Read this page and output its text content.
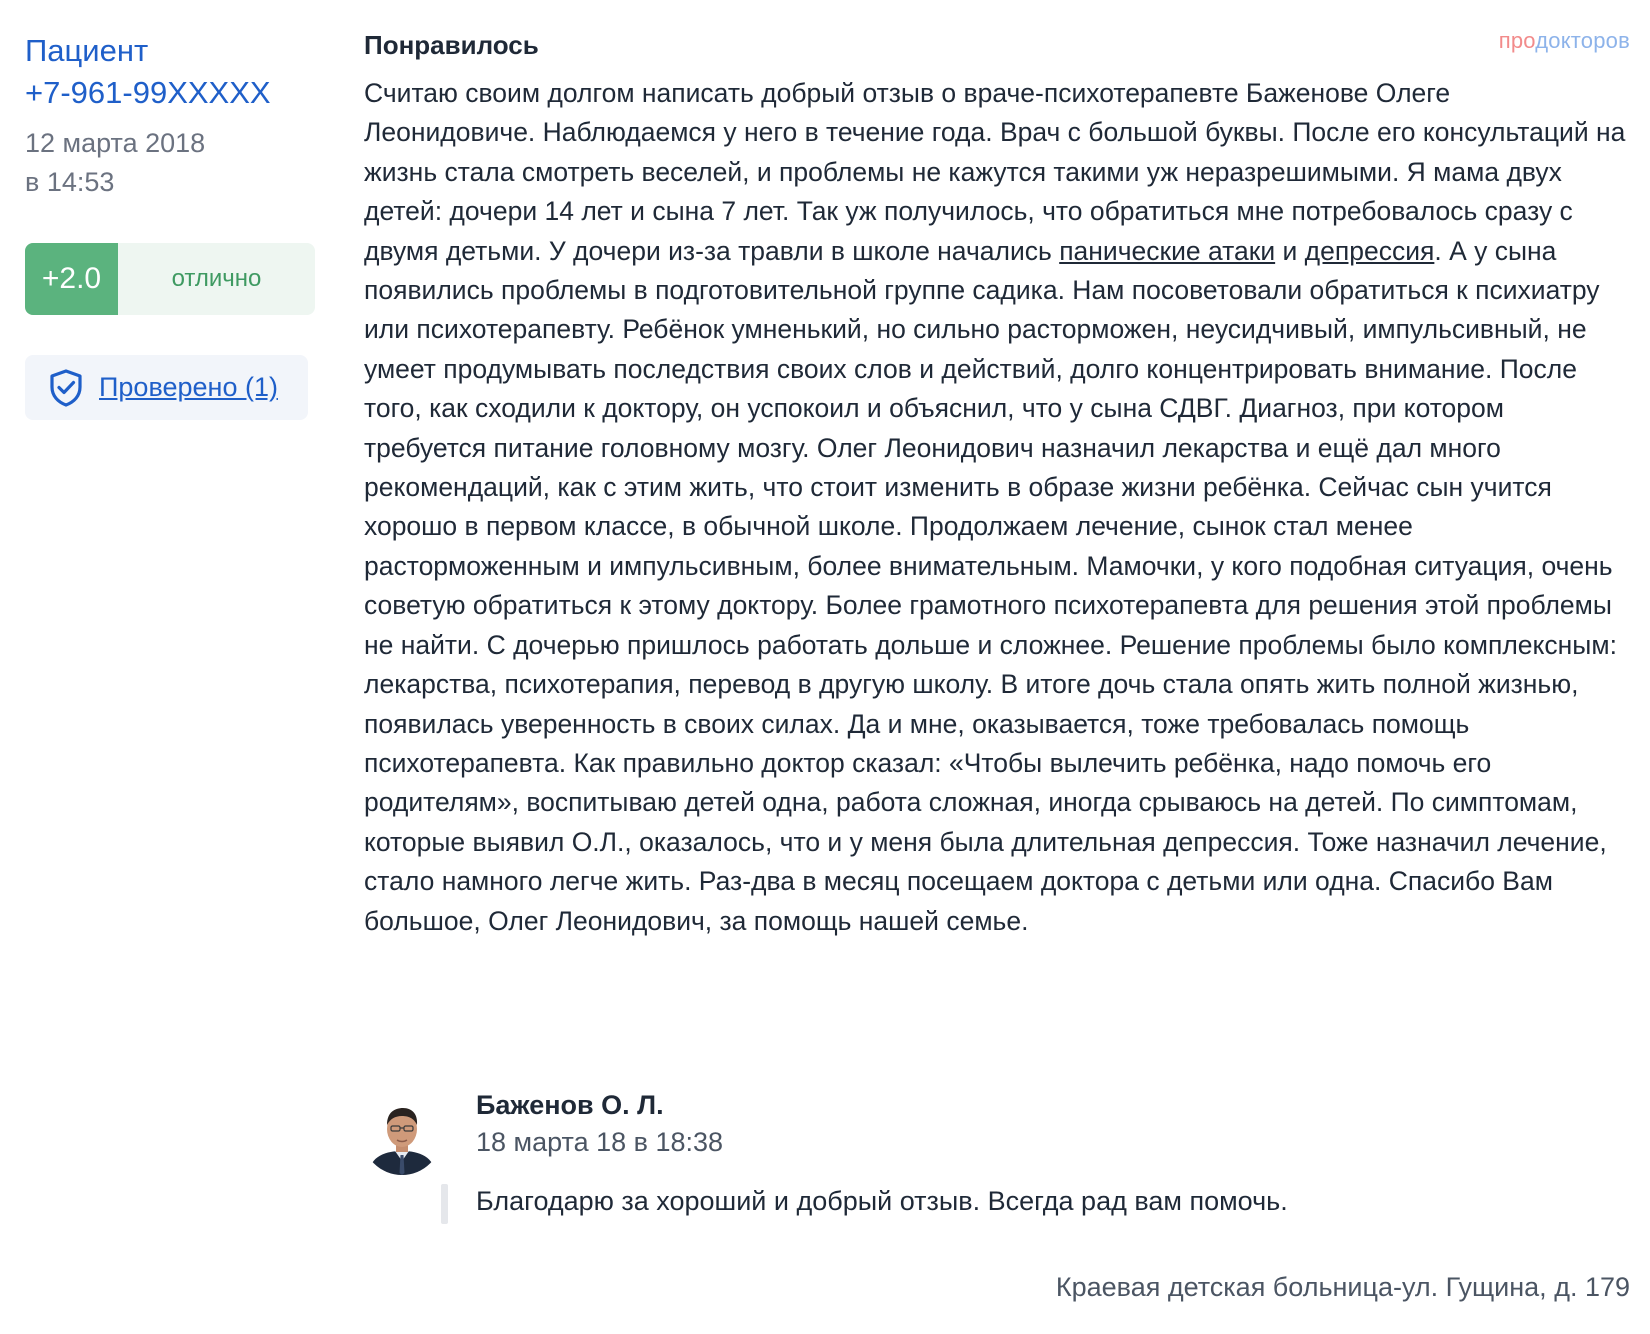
Пациент
+7-961-99XXXXX
12 марта 2018
в 14:53
+2.0	отлично
Проверено (1)
продокторов
Понравилось

Считаю своим долгом написать добрый отзыв о враче-психотерапевте Баженове Олеге Леонидовиче. Наблюдаемся у него в течение года. Врач с большой буквы. После его консультаций на жизнь стала смотреть веселей, и проблемы не кажутся такими уж неразрешимыми. Я мама двух детей: дочери 14 лет и сына 7 лет. Так уж получилось, что обратиться мне потребовалось сразу с двумя детьми. У дочери из-за травли в школе начались панические атаки и депрессия. А у сына появились проблемы в подготовительной группе садика. Нам посоветовали обратиться к психиатру или психотерапевту. Ребёнок умненький, но сильно расторможен, неусидчивый, импульсивный, не умеет продумывать последствия своих слов и действий, долго концентрировать внимание. После того, как сходили к доктору, он успокоил и объяснил, что у сына СДВГ. Диагноз, при котором требуется питание головному мозгу. Олег Леонидович назначил лекарства и ещё дал много рекомендаций, как с этим жить, что стоит изменить в образе жизни ребёнка. Сейчас сын учится хорошо в первом классе, в обычной школе. Продолжаем лечение, сынок стал менее расторможенным и импульсивным, более внимательным. Мамочки, у кого подобная ситуация, очень советую обратиться к этому доктору. Более грамотного психотерапевта для решения этой проблемы не найти. С дочерью пришлось работать дольше и сложнее. Решение проблемы было комплексным: лекарства, психотерапия, перевод в другую школу. В итоге дочь стала опять жить полной жизнью, появилась уверенность в своих силах. Да и мне, оказывается, тоже требовалась помощь психотерапевта. Как правильно доктор сказал: «Чтобы вылечить ребёнка, надо помочь его родителям», воспитываю детей одна, работа сложная, иногда срываюсь на детей. По симптомам, которые выявил О.Л., оказалось, что и у меня была длительная депрессия. Тоже назначил лечение, стало намного легче жить. Раз-два в месяц посещаем доктора с детьми или одна. Спасибо Вам большое, Олег Леонидович, за помощь нашей семье.

Баженов О. Л.
18 марта 18 в 18:38
Благодарю за хороший и добрый отзыв. Всегда рад вам помочь.
Краевая детская больница-ул. Гущина, д. 179
